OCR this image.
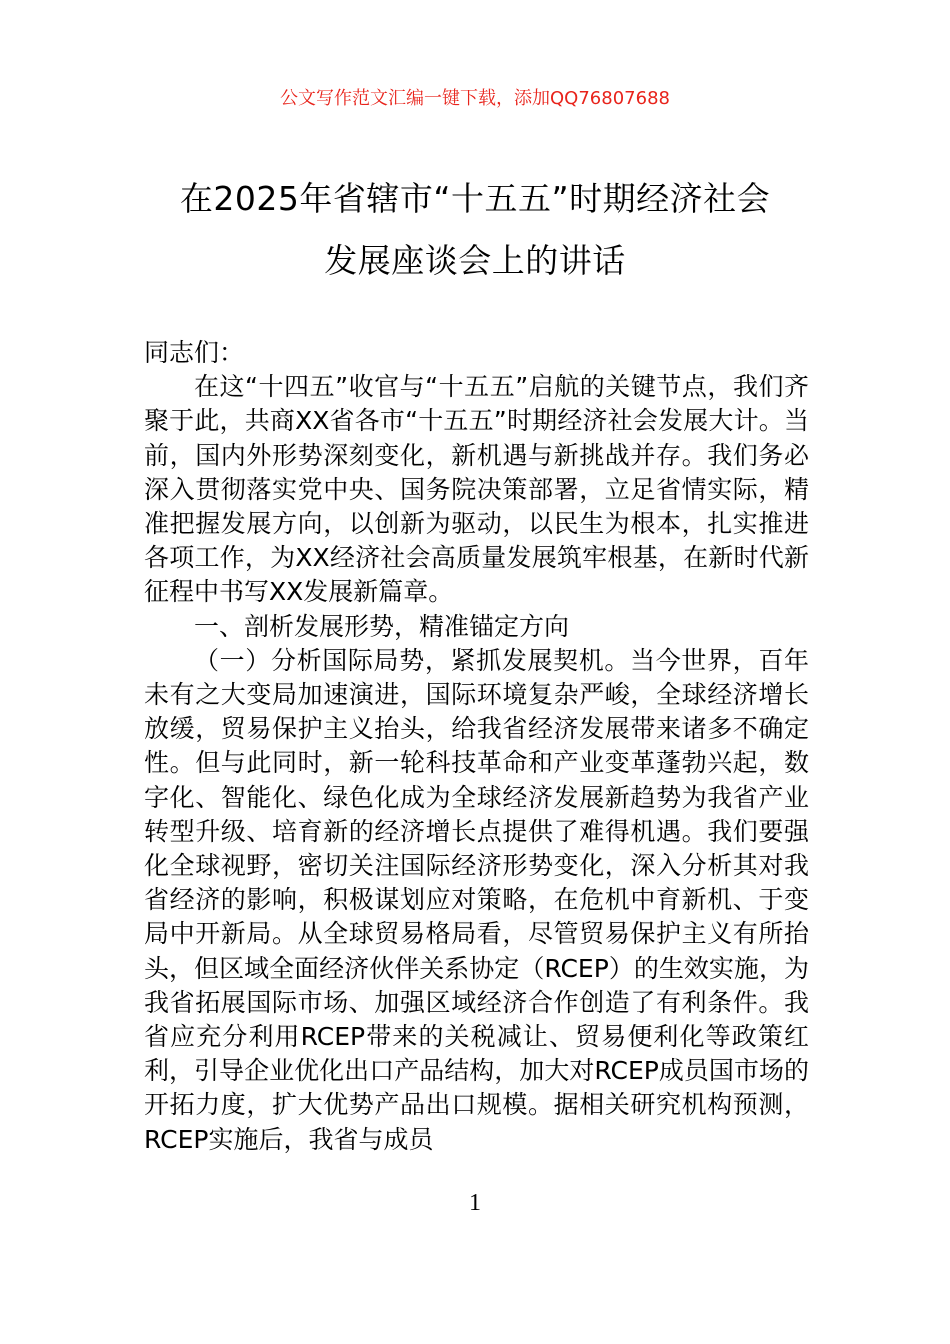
公文写作范文汇编一键下载，添加QQ76807688
在2025年省辖市“十五五”时期经济社会
发展座谈会上的讲话

同志们：

在这“十四五”收官与“十五五”启航的关键节点，我们齐聚于此，共商XX省各市“十五五”时期经济社会发展大计。当前，国内外形势深刻变化，新机遇与新挑战并存。我们务必深入贯彻落实党中央、国务院决策部署，立足省情实际，精准把握发展方向，以创新为驱动，以民生为根本，扎实推进各项工作，为XX经济社会高质量发展筑牢根基，在新时代新征程中书写XX发展新篇章。

一、剖析发展形势，精准锚定方向

（一）分析国际局势，紧抓发展契机。当今世界，百年未有之大变局加速演进，国际环境复杂严峻，全球经济增长放缓，贸易保护主义抬头，给我省经济发展带来诸多不确定性。但与此同时，新一轮科技革命和产业变革蓬勃兴起，数字化、智能化、绿色化成为全球经济发展新趋势为我省产业转型升级、培育新的经济增长点提供了难得机遇。我们要强化全球视野，密切关注国际经济形势变化，深入分析其对我省经济的影响，积极谋划应对策略，在危机中育新机、于变局中开新局。从全球贸易格局看，尽管贸易保护主义有所抬头，但区域全面经济伙伴关系协定（RCEP）的生效实施，为我省拓展国际市场、加强区域经济合作创造了有利条件。我省应充分利用RCEP带来的关税减让、贸易便利化等政策红利，引导企业优化出口产品结构，加大对RCEP成员国市场的开拓力度，扩大优势产品出口规模。据相关研究机构预测，RCEP实施后，我省与成员

1
